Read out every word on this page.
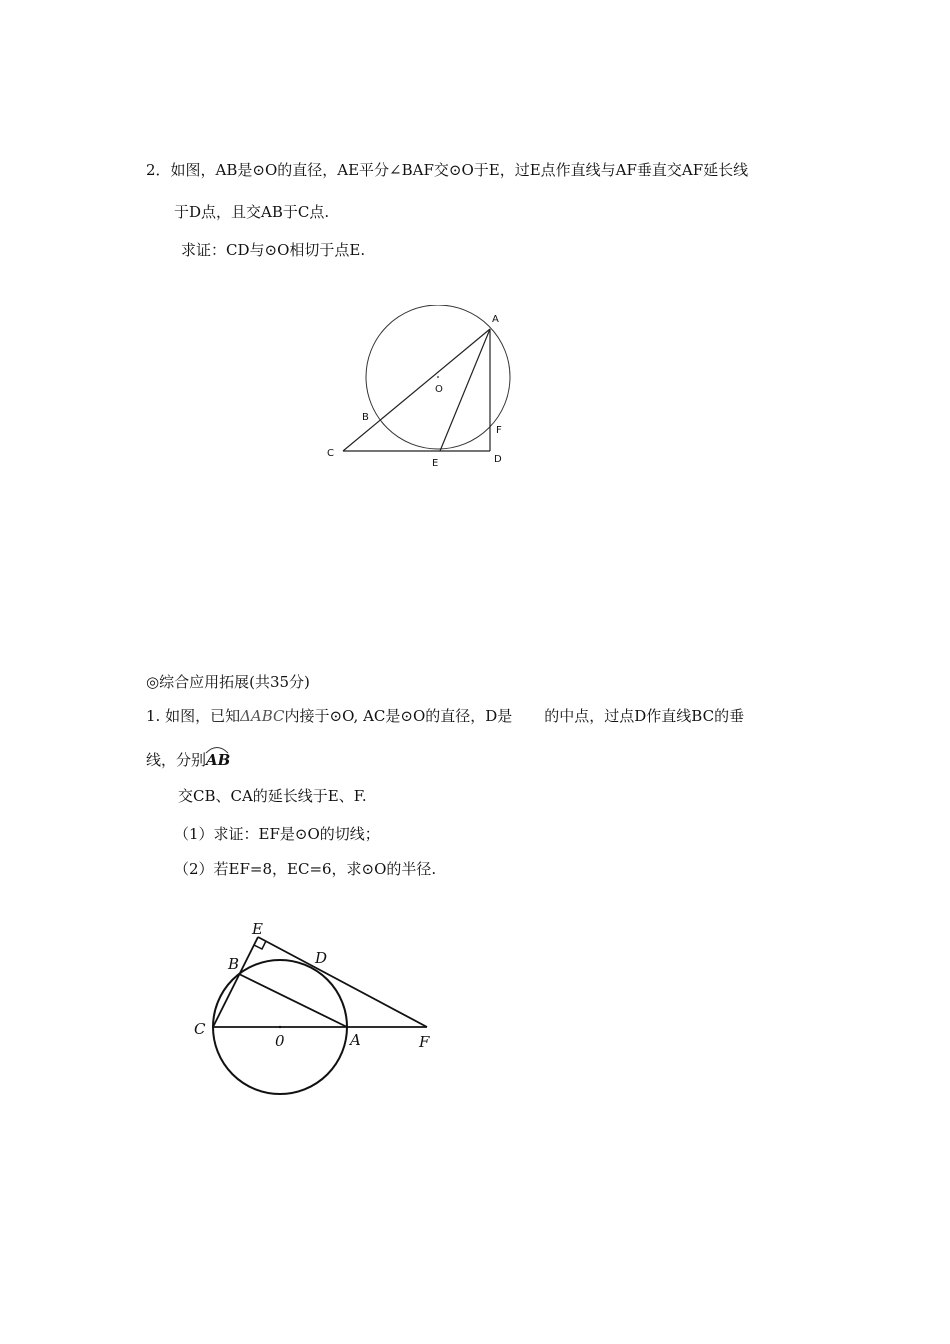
2．如图，AB是⊙O的直径，AE平分∠BAF交⊙O于E，过E点作直线与AF垂直交AF延长线
于D点，且交AB于C点.
求证：CD与⊙O相切于点E.
A
O
B
F
C
E	D
◎综合应用拓展(共35分)
1. 如图，已知ΔABC内接于⊙O, AC是⊙O的直径，D是 的中点，过点D作直线BC的垂
线，分别
AB
交CB、CA的延长线于E、F.
（1）求证：EF是⊙O的切线；
（2）若EF=8，EC=6，求⊙O的半径.
E
B	D
C
0	A	F
